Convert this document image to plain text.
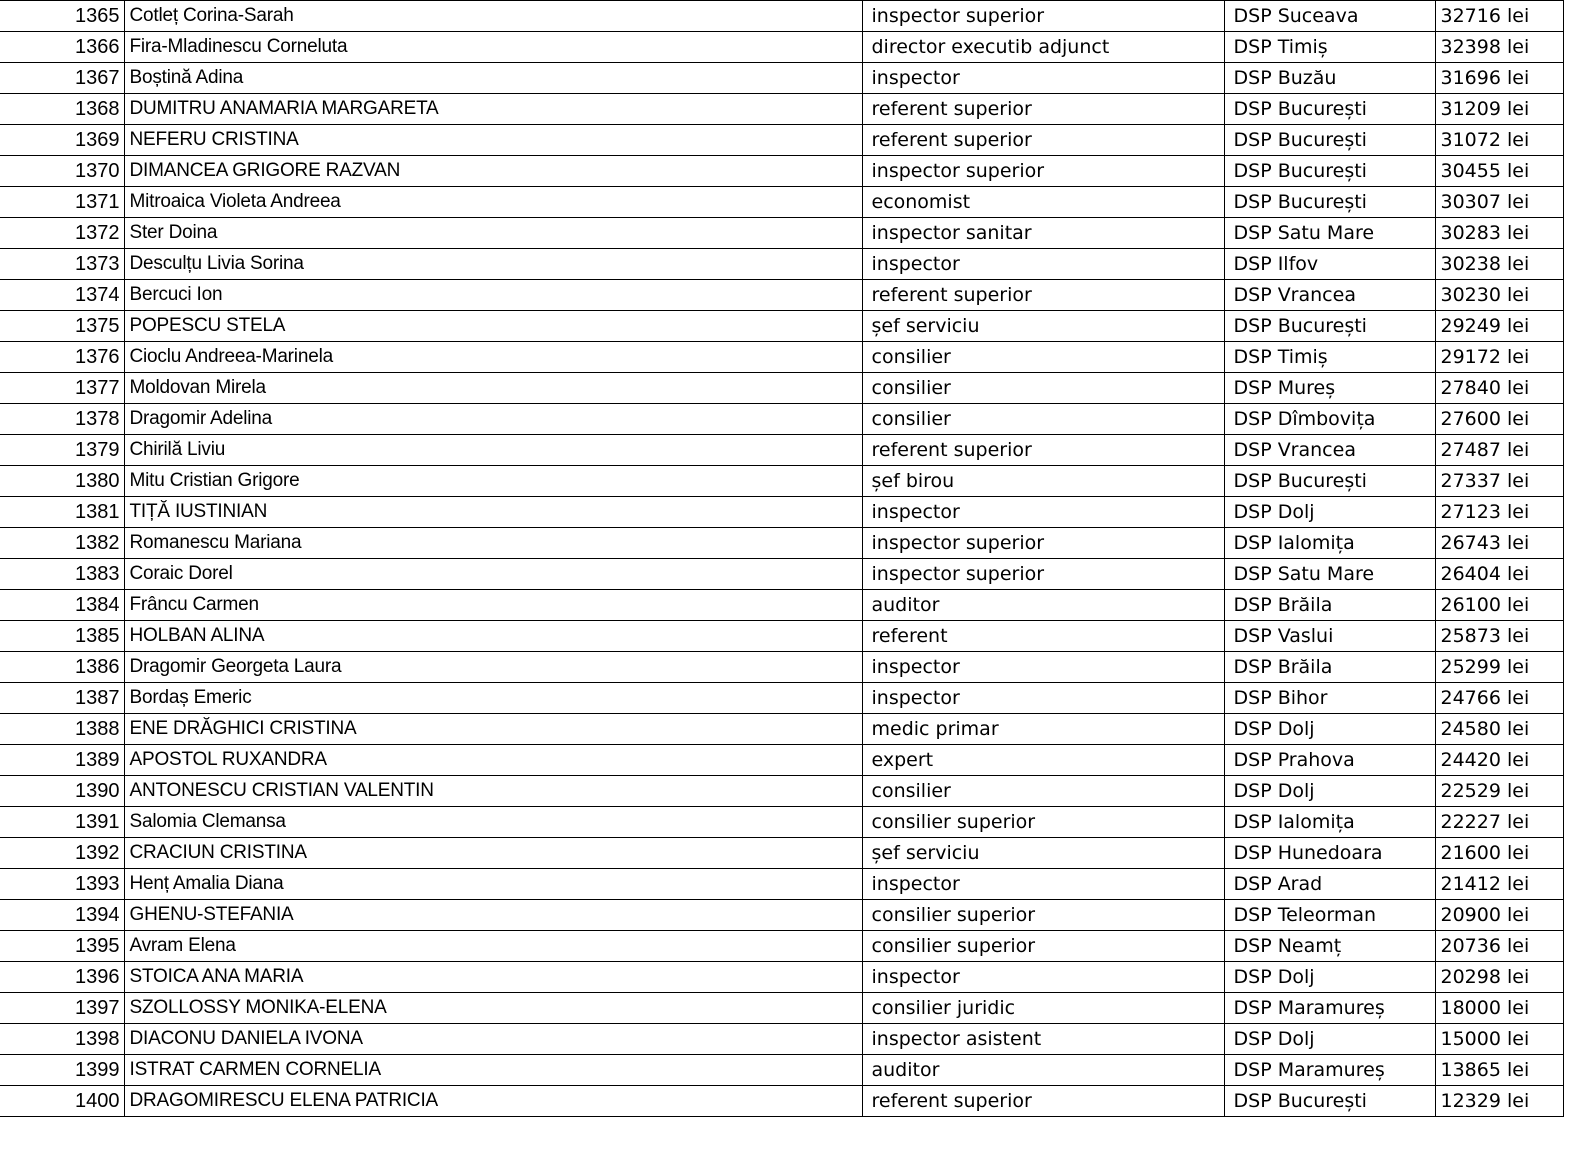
1365	Cotleț Corina-Sarah	inspector superior	DSP Suceava	32716 lei
1366	Fira-Mladinescu Corneluta	director executib adjunct	DSP Timiș	32398 lei
1367	Boștină Adina	inspector	DSP Buzău	31696 lei
1368	DUMITRU ANAMARIA MARGARETA	referent superior	DSP București	31209 lei
1369	NEFERU CRISTINA	referent superior	DSP București	31072 lei
1370	DIMANCEA GRIGORE RAZVAN	inspector superior	DSP București	30455 lei
1371	Mitroaica Violeta Andreea	economist	DSP București	30307 lei
1372	Ster Doina	inspector sanitar	DSP Satu Mare	30283 lei
1373	Desculțu Livia Sorina	inspector	DSP Ilfov	30238 lei
1374	Bercuci Ion	referent superior	DSP Vrancea	30230 lei
1375	POPESCU STELA	șef serviciu	DSP București	29249 lei
1376	Cioclu Andreea-Marinela	consilier	DSP Timiș	29172 lei
1377	Moldovan Mirela	consilier	DSP Mureș	27840 lei
1378	Dragomir Adelina	consilier	DSP Dîmbovița	27600 lei
1379	Chirilă Liviu	referent superior	DSP Vrancea	27487 lei
1380	Mitu Cristian Grigore	șef birou	DSP București	27337 lei
1381	TIȚĂ IUSTINIAN	inspector	DSP Dolj	27123 lei
1382	Romanescu Mariana	inspector superior	DSP Ialomița	26743 lei
1383	Coraic Dorel	inspector superior	DSP Satu Mare	26404 lei
1384	Frâncu Carmen	auditor	DSP Brăila	26100 lei
1385	HOLBAN ALINA	referent	DSP Vaslui	25873 lei
1386	Dragomir Georgeta Laura	inspector	DSP Brăila	25299 lei
1387	Bordaș Emeric	inspector	DSP Bihor	24766 lei
1388	ENE DRĂGHICI CRISTINA	medic primar	DSP Dolj	24580 lei
1389	APOSTOL RUXANDRA	expert	DSP Prahova	24420 lei
1390	ANTONESCU CRISTIAN VALENTIN	consilier	DSP Dolj	22529 lei
1391	Salomia Clemansa	consilier superior	DSP Ialomița	22227 lei
1392	CRACIUN CRISTINA	șef serviciu	DSP Hunedoara	21600 lei
1393	Henț Amalia Diana	inspector	DSP Arad	21412 lei
1394	GHENU-STEFANIA	consilier superior	DSP Teleorman	20900 lei
1395	Avram Elena	consilier superior	DSP Neamț	20736 lei
1396	STOICA ANA MARIA	inspector	DSP Dolj	20298 lei
1397	SZOLLOSSY MONIKA-ELENA	consilier juridic	DSP Maramureș	18000 lei
1398	DIACONU DANIELA IVONA	inspector asistent	DSP Dolj	15000 lei
1399	ISTRAT CARMEN CORNELIA	auditor	DSP Maramureș	13865 lei
1400	DRAGOMIRESCU ELENA PATRICIA	referent superior	DSP București	12329 lei
